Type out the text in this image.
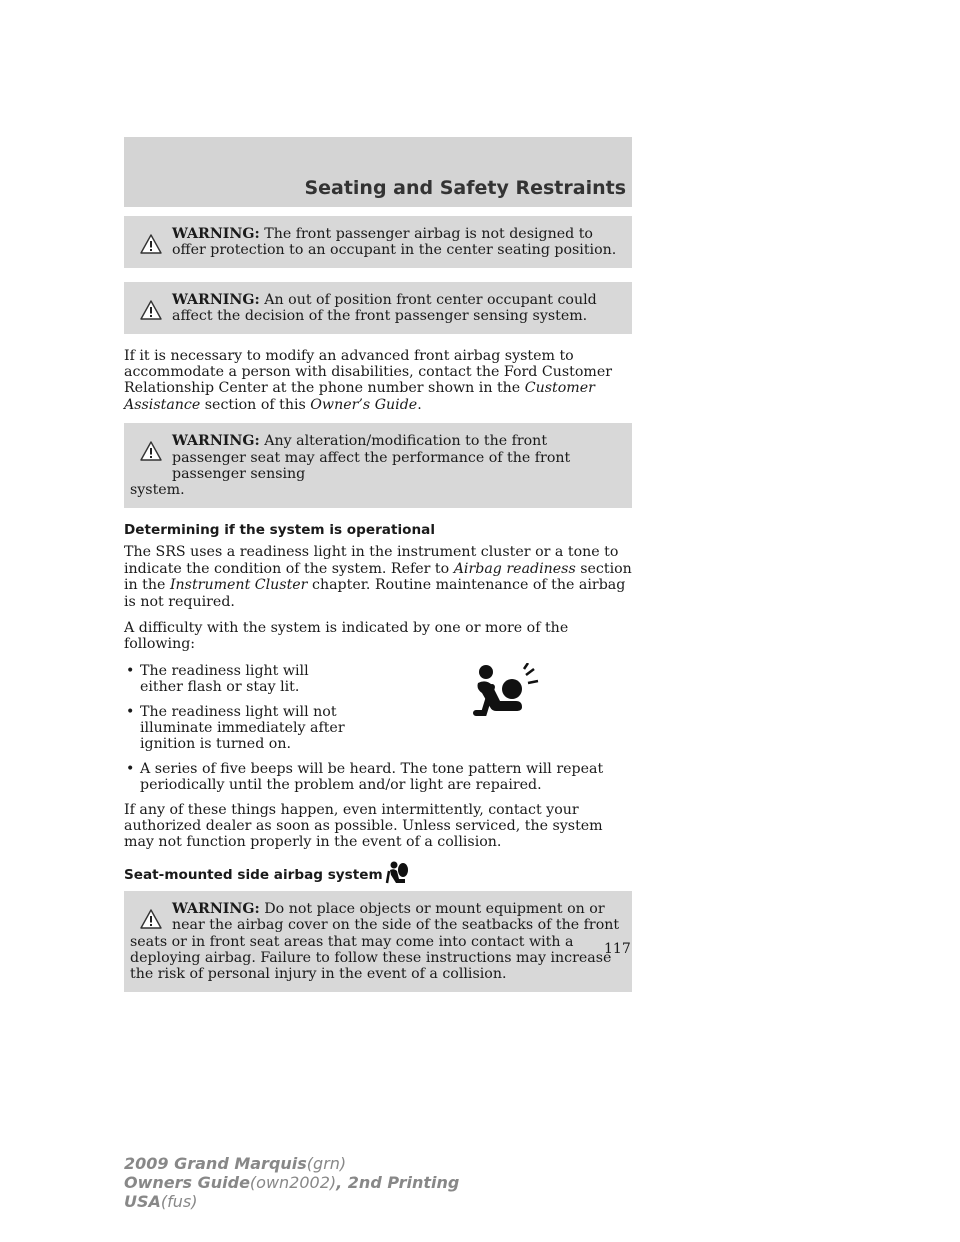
Seating and Safety Restraints
WARNING: The front passenger airbag is not designed to offer protection to an occupant in the center seating position.
WARNING: An out of position front center occupant could affect the decision of the front passenger sensing system.

If it is necessary to modify an advanced front airbag system to accommodate a person with disabilities, contact the Ford Customer Relationship Center at the phone number shown in the Customer Assistance section of this Owner’s Guide.

WARNING: Any alteration/modification to the front passenger seat may affect the performance of the front passenger sensing
system.
Determining if the system is operational

The SRS uses a readiness light in the instrument cluster or a tone to indicate the condition of the system. Refer to Airbag readiness section in the Instrument Cluster chapter. Routine maintenance of the airbag is not required.

A difficulty with the system is indicated by one or more of the following:

• The readiness light will either flash or stay lit.
• The readiness light will not illuminate immediately after ignition is turned on.
• A series of five beeps will be heard. The tone pattern will repeat periodically until the problem and/or light are repaired.

If any of these things happen, even intermittently, contact your authorized dealer as soon as possible. Unless serviced, the system may not function properly in the event of a collision.

Seat-mounted side airbag system
WARNING: Do not place objects or mount equipment on or near the airbag cover on the side of the seatbacks of the front
seats or in front seat areas that may come into contact with a deploying airbag. Failure to follow these instructions may increase the risk of personal injury in the event of a collision.
117
2009 Grand Marquis(grn)
Owners Guide(own2002), 2nd Printing
USA(fus)
